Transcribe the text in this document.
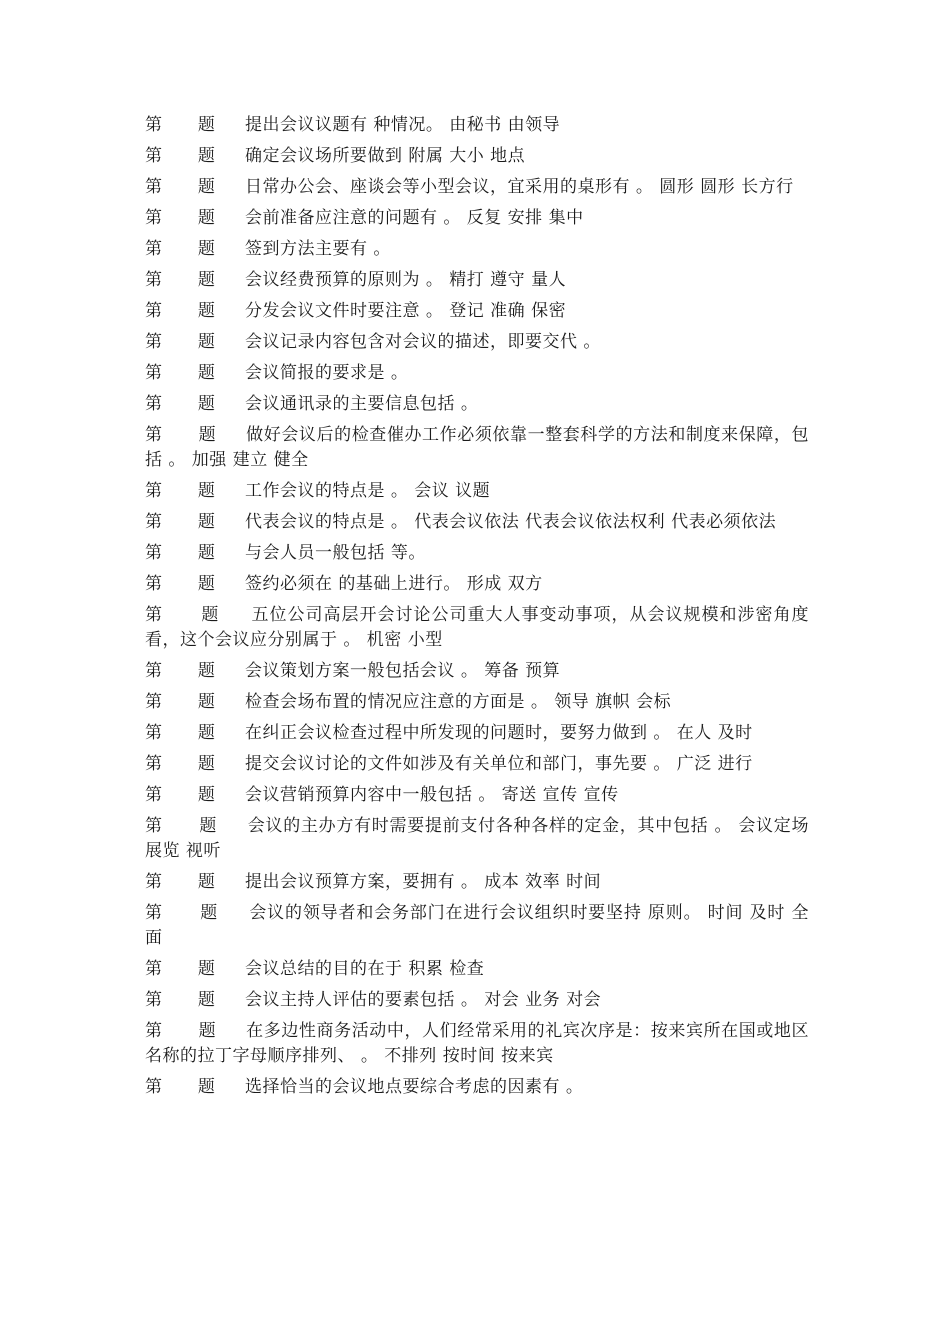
第      题     提出会议议题有 种情况。 由秘书 由领导
第      题     确定会议场所要做到 附属 大小 地点
第      题     日常办公会、座谈会等小型会议，宜采用的桌形有 。 圆形 圆形 长方行
第      题     会前准备应注意的问题有 。 反复 安排 集中
第      题     签到方法主要有 。
第      题     会议经费预算的原则为 。 精打 遵守 量人
第      题     分发会议文件时要注意 。 登记 准确 保密
第      题     会议记录内容包含对会议的描述，即要交代 。
第      题     会议简报的要求是 。
第      题     会议通讯录的主要信息包括 。
第      题     做好会议后的检查催办工作必须依靠一整套科学的方法和制度来保障，包括 。 加强 建立 健全
第      题     工作会议的特点是 。 会议 议题
第      题     代表会议的特点是 。 代表会议依法 代表会议依法权利 代表必须依法
第      题     与会人员一般包括 等。
第      题     签约必须在 的基础上进行。 形成 双方
第      题     五位公司高层开会讨论公司重大人事变动事项，从会议规模和涉密角度看，这个会议应分别属于 。 机密 小型
第      题     会议策划方案一般包括会议 。 筹备 预算
第      题     检查会场布置的情况应注意的方面是 。 领导 旗帜 会标
第      题     在纠正会议检查过程中所发现的问题时，要努力做到 。 在人 及时
第      题     提交会议讨论的文件如涉及有关单位和部门，事先要 。 广泛 进行
第      题     会议营销预算内容中一般包括 。 寄送 宣传 宣传
第      题     会议的主办方有时需要提前支付各种各样的定金，其中包括 。 会议定场 展览 视听
第      题     提出会议预算方案，要拥有 。 成本 效率 时间
第      题     会议的领导者和会务部门在进行会议组织时要坚持 原则。 时间 及时 全面
第      题     会议总结的目的在于 积累 检查
第      题     会议主持人评估的要素包括 。 对会 业务 对会
第      题     在多边性商务活动中，人们经常采用的礼宾次序是：按来宾所在国或地区名称的拉丁字母顺序排列、 。 不排列 按时间 按来宾
第      题     选择恰当的会议地点要综合考虑的因素有 。
